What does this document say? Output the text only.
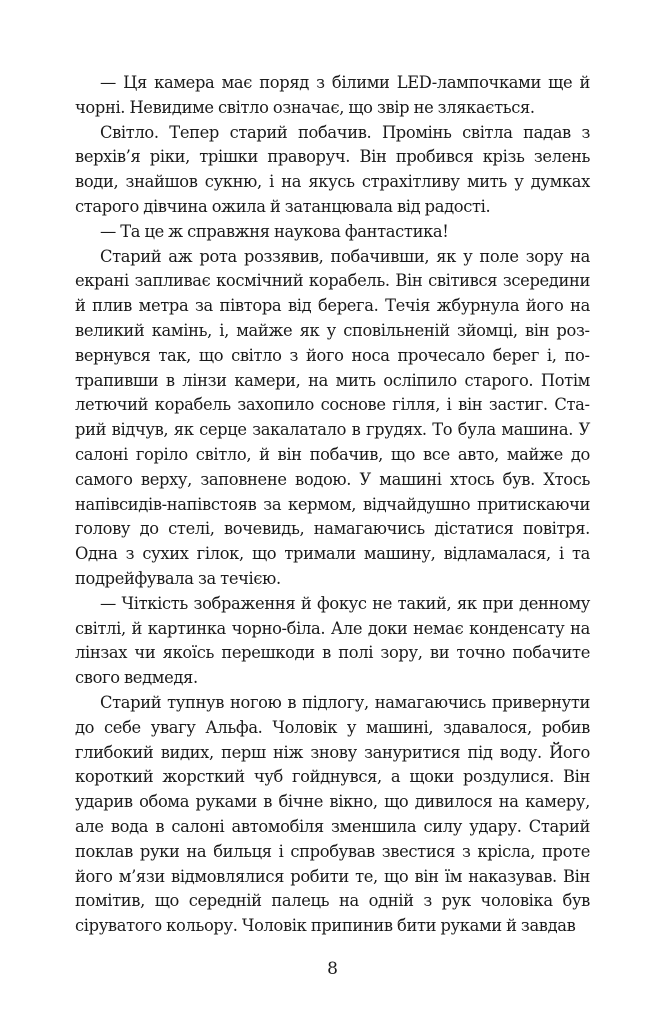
— Ця камера має поряд з білими LED-лампочками ще й чорні. Невидиме світло означає, що звір не злякається.

Світло. Тепер старий побачив. Промінь світла падав з верхів’я ріки, трішки праворуч. Він пробився крізь зелень води, знайшов сукню, і на якусь страхітливу мить у думках старого дівчина ожила й затанцювала від радості.

— Та це ж справжня наукова фантастика!

Старий аж рота роззявив, побачивши, як у поле зору на екрані запливає космічний корабель. Він світився зсередини й плив метра за півтора від берега. Течія жбурнула його на великий камінь, і, майже як у сповільненій зйомці, він розвернувся так, що світло з його носа прочесало берег і, потрапивши в лінзи камери, на мить осліпило старого. Потім летючий корабель захопило соснове гілля, і він застиг. Старий відчув, як серце закалатало в грудях. То була машина. У салоні горіло світло, й він побачив, що все авто, майже до самого верху, заповнене водою. У машині хтось був. Хтось напівсидів-напівстояв за кермом, відчайдушно притискаючи голову до стелі, вочевидь, намагаючись дістатися повітря. Одна з сухих гілок, що тримали машину, відламалася, і та подрейфувала за течією.

— Чіткість зображення й фокус не такий, як при денному світлі, й картинка чорно-біла. Але доки немає конденсату на лінзах чи якоїсь перешкоди в полі зору, ви точно побачите свого ведмедя.

Старий тупнув ногою в підлогу, намагаючись привернути до себе увагу Альфа. Чоловік у машині, здавалося, робив глибокий видих, перш ніж знову зануритися під воду. Його короткий жорсткий чуб гойднувся, а щоки роздулися. Він ударив обома руками в бічне вікно, що дивилося на камеру, але вода в салоні автомобіля зменшила силу удару. Старий поклав руки на бильця і спробував звестися з крісла, проте його м’язи відмовлялися робити те, що він їм наказував. Він помітив, що середній палець на одній з рук чоловіка був сіруватого кольору. Чоловік припинив бити руками й завдав

8
